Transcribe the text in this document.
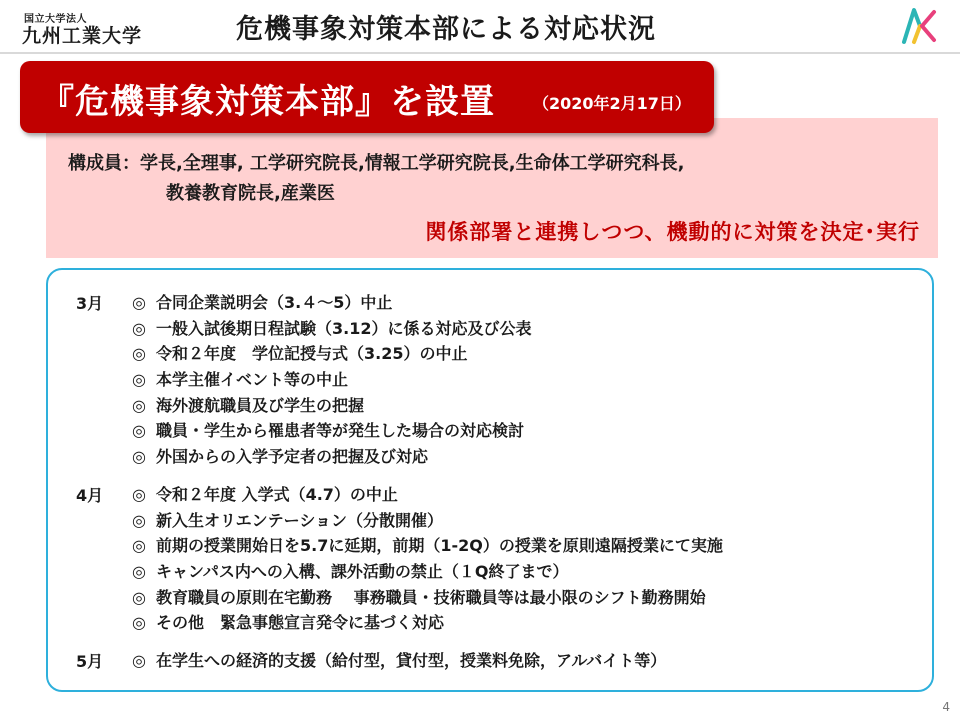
国立大学法人
九州工業大学	危機事象対策本部による対応状況
構成員：学長,全理事, 工学研究院長,情報工学研究院長,生命体工学研究科長,
教養教育院長,産業医
関係部署と連携しつつ、機動的に対策を決定･実行
『危機事象対策本部』を設置 （2020年2月17日）
3月 ◎ 合同企業説明会（3.４～5）中止
◎ 一般入試後期日程試験（3.12）に係る対応及び公表
◎ 令和２年度　学位記授与式（3.25）の中止
◎ 本学主催イベント等の中止
◎ 海外渡航職員及び学生の把握
◎ 職員・学生から罹患者等が発生した場合の対応検討
◎ 外国からの入学予定者の把握及び対応
4月 ◎ 令和２年度 入学式（4.7）の中止
◎ 新入生オリエンテーション（分散開催）
◎ 前期の授業開始日を5.7に延期，前期（1-2Q）の授業を原則遠隔授業にて実施
◎ キャンパス内への入構、課外活動の禁止（１Q終了まで）
◎ 教育職員の原則在宅勤務　 事務職員・技術職員等は最小限のシフト勤務開始
◎ その他　緊急事態宣言発令に基づく対応
5月 ◎ 在学生への経済的支援（給付型，貸付型，授業料免除，アルバイト等）
4
